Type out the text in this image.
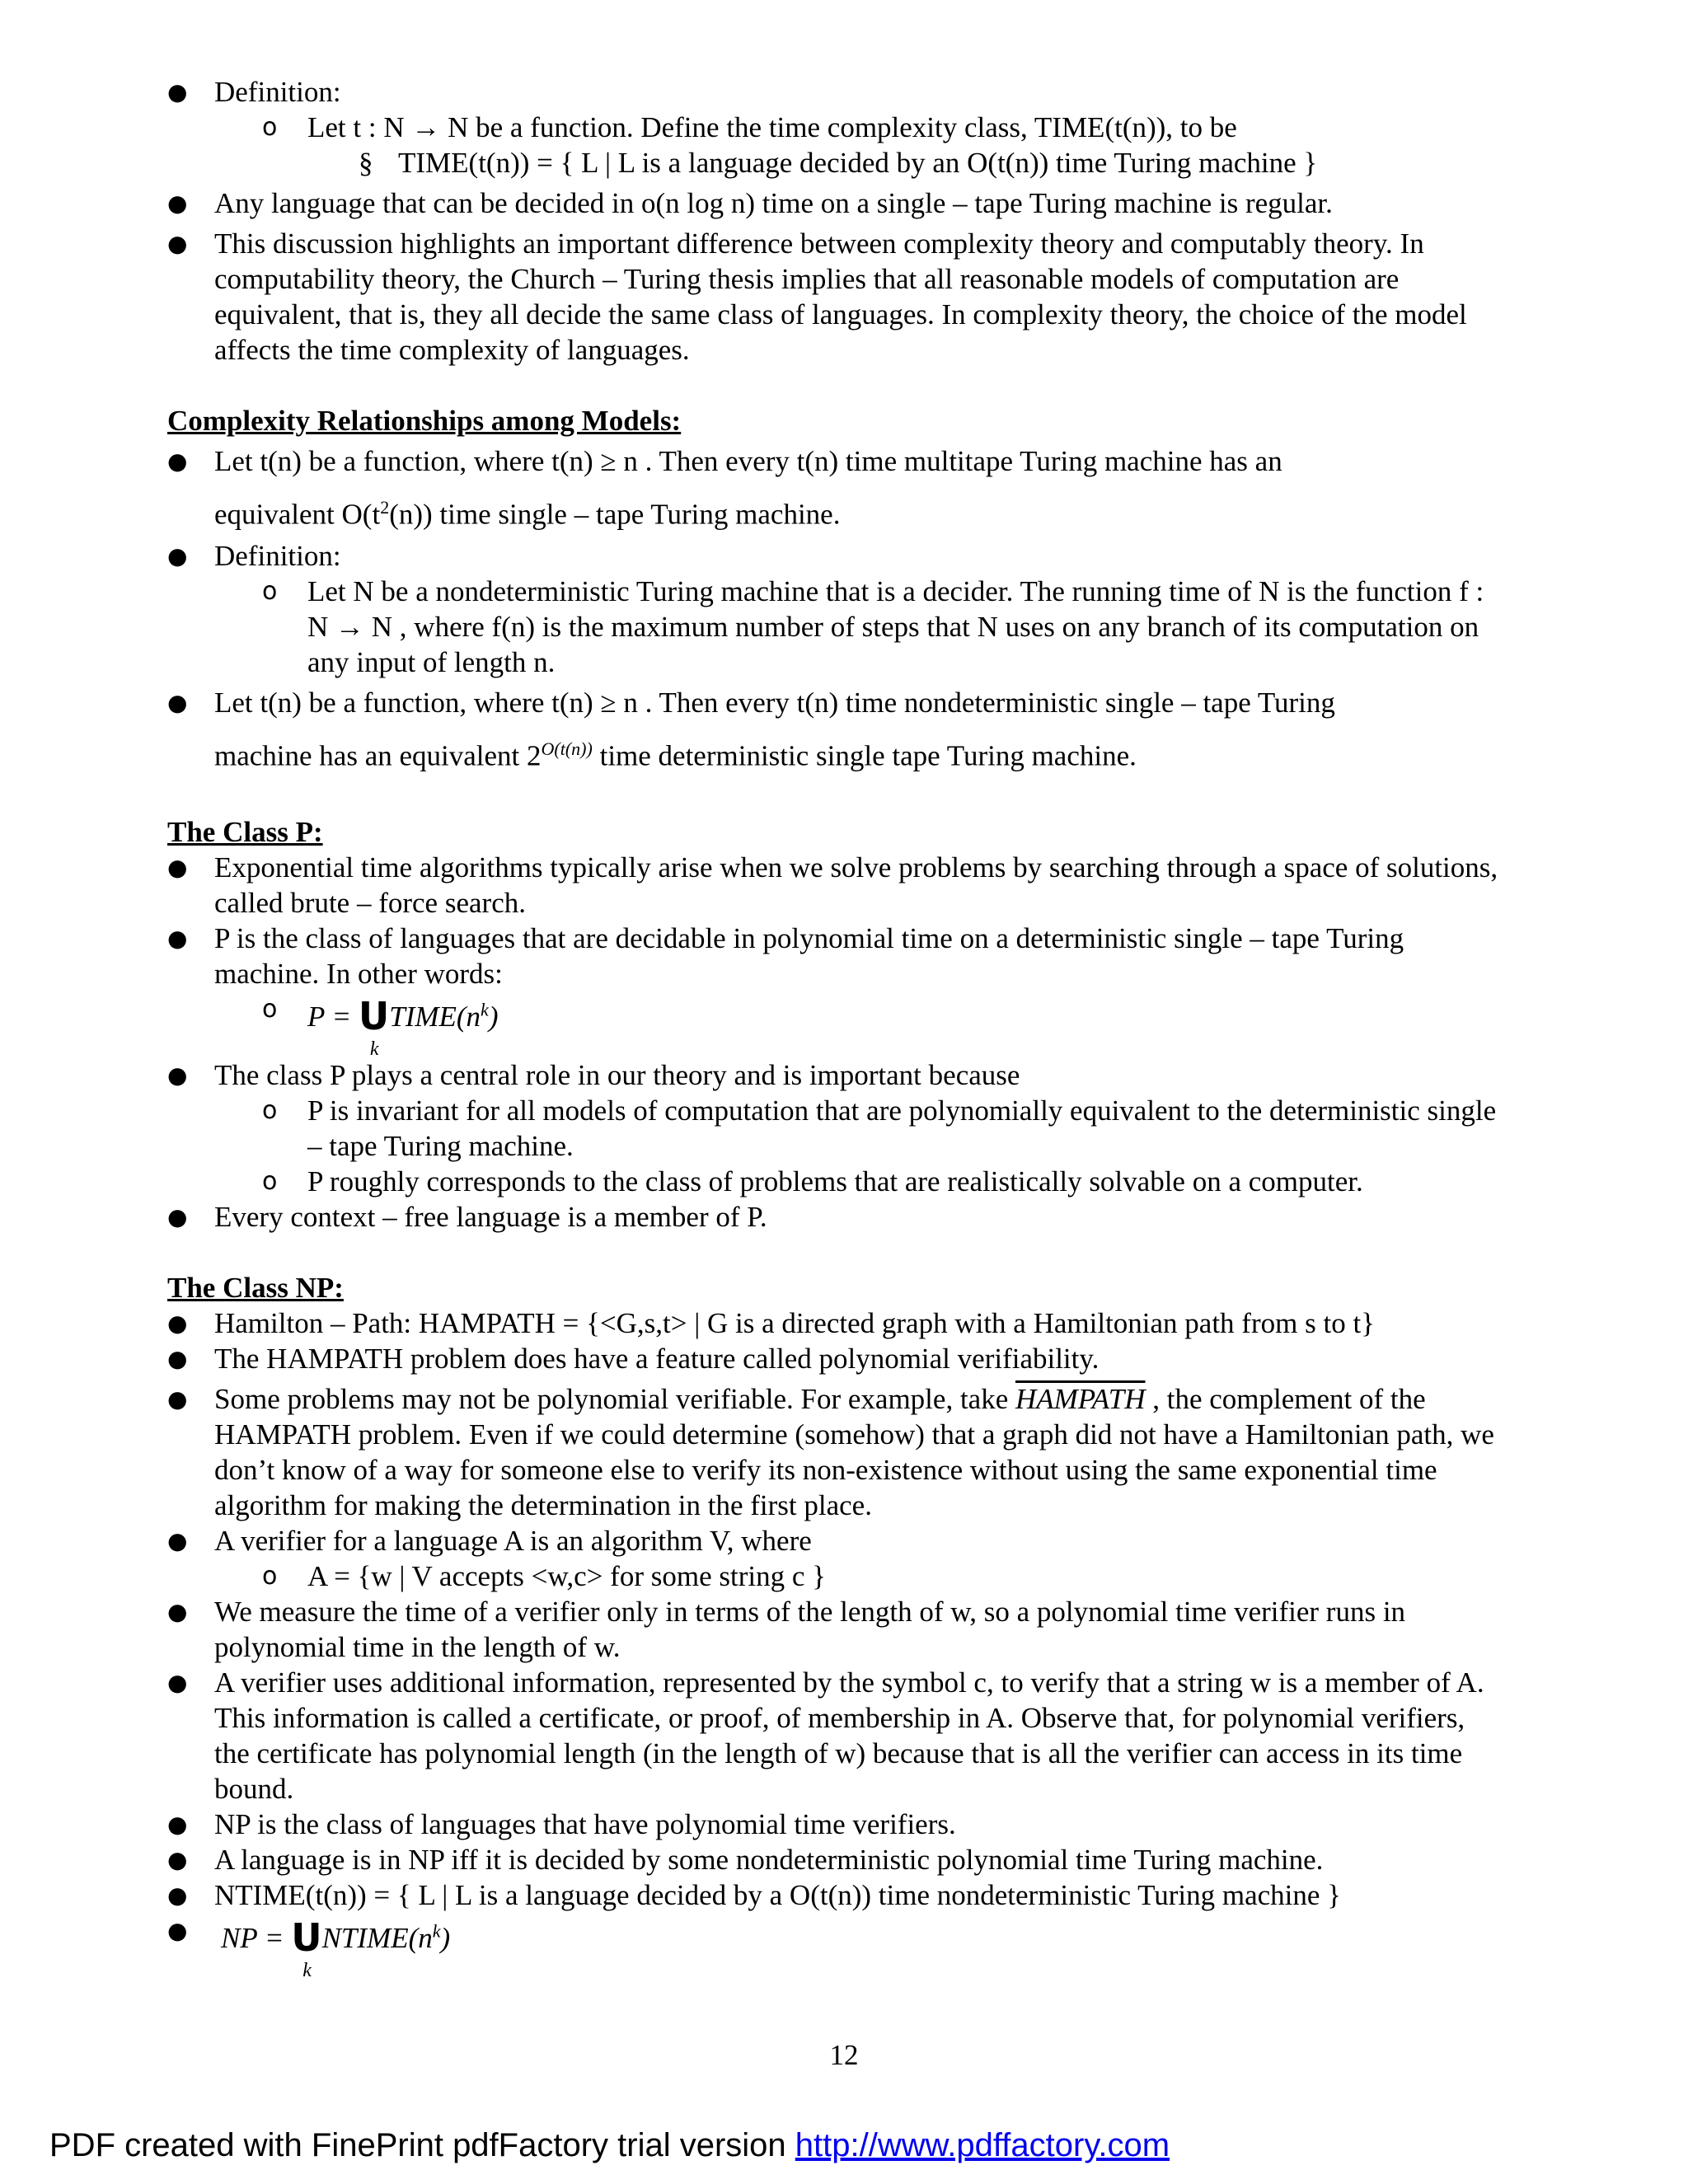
● Definition:
o Let t : N → N be a function. Define the time complexity class, TIME(t(n)), to be
§ TIME(t(n)) = { L | L is a language decided by an O(t(n)) time Turing machine }
● Any language that can be decided in o(n log n) time on a single – tape Turing machine is regular.
● This discussion highlights an important difference between complexity theory and computably theory. In computability theory, the Church – Turing thesis implies that all reasonable models of computation are equivalent, that is, they all decide the same class of languages. In complexity theory, the choice of the model affects the time complexity of languages.

Complexity Relationships among Models:

● Let t(n) be a function, where t(n) ≥ n . Then every t(n) time multitape Turing machine has an
equivalent $O(t^2(n))$ time single – tape Turing machine.
● Definition:
o Let N be a nondeterministic Turing machine that is a decider. The running time of N is the function f : N → N , where f(n) is the maximum number of steps that N uses on any branch of its computation on any input of length n.
● Let t(n) be a function, where t(n) ≥ n . Then every t(n) time nondeterministic single – tape Turing
machine has an equivalent $2^{O(t(n))}$ time deterministic single tape Turing machine.

The Class P:

● Exponential time algorithms typically arise when we solve problems by searching through a space of solutions, called brute – force search.
● P is the class of languages that are decidable in polynomial time on a deterministic single – tape Turing machine. In other words:
o P = U
k
$TIME(n^k)$
● The class P plays a central role in our theory and is important because
o P is invariant for all models of computation that are polynomially equivalent to the deterministic single – tape Turing machine.
o P roughly corresponds to the class of problems that are realistically solvable on a computer.
● Every context – free language is a member of P.

The Class NP:

● Hamilton – Path: HAMPATH = {<G,s,t> | G is a directed graph with a Hamiltonian path from s to t}
● The HAMPATH problem does have a feature called polynomial verifiability.
● Some problems may not be polynomial verifiable. For example, take HAMPATH , the complement of the HAMPATH problem. Even if we could determine (somehow) that a graph did not have a Hamiltonian path, we don’t know of a way for someone else to verify its non-existence without using the same exponential time algorithm for making the determination in the first place.
● A verifier for a language A is an algorithm V, where
o A = {w | V accepts <w,c> for some string c }
● We measure the time of a verifier only in terms of the length of w, so a polynomial time verifier runs in polynomial time in the length of w.
● A verifier uses additional information, represented by the symbol c, to verify that a string w is a member of A. This information is called a certificate, or proof, of membership in A. Observe that, for polynomial verifiers, the certificate has polynomial length (in the length of w) because that is all the verifier can access in its time bound.
● NP is the class of languages that have polynomial time verifiers.
● A language is in NP iff it is decided by some nondeterministic polynomial time Turing machine.
● NTIME(t(n)) = { L | L is a language decided by a O(t(n)) time nondeterministic Turing machine }
● NP = U
k
$NTIME(n^k)$
12
PDF created with FinePrint pdfFactory trial version http://www.pdffactory.com
